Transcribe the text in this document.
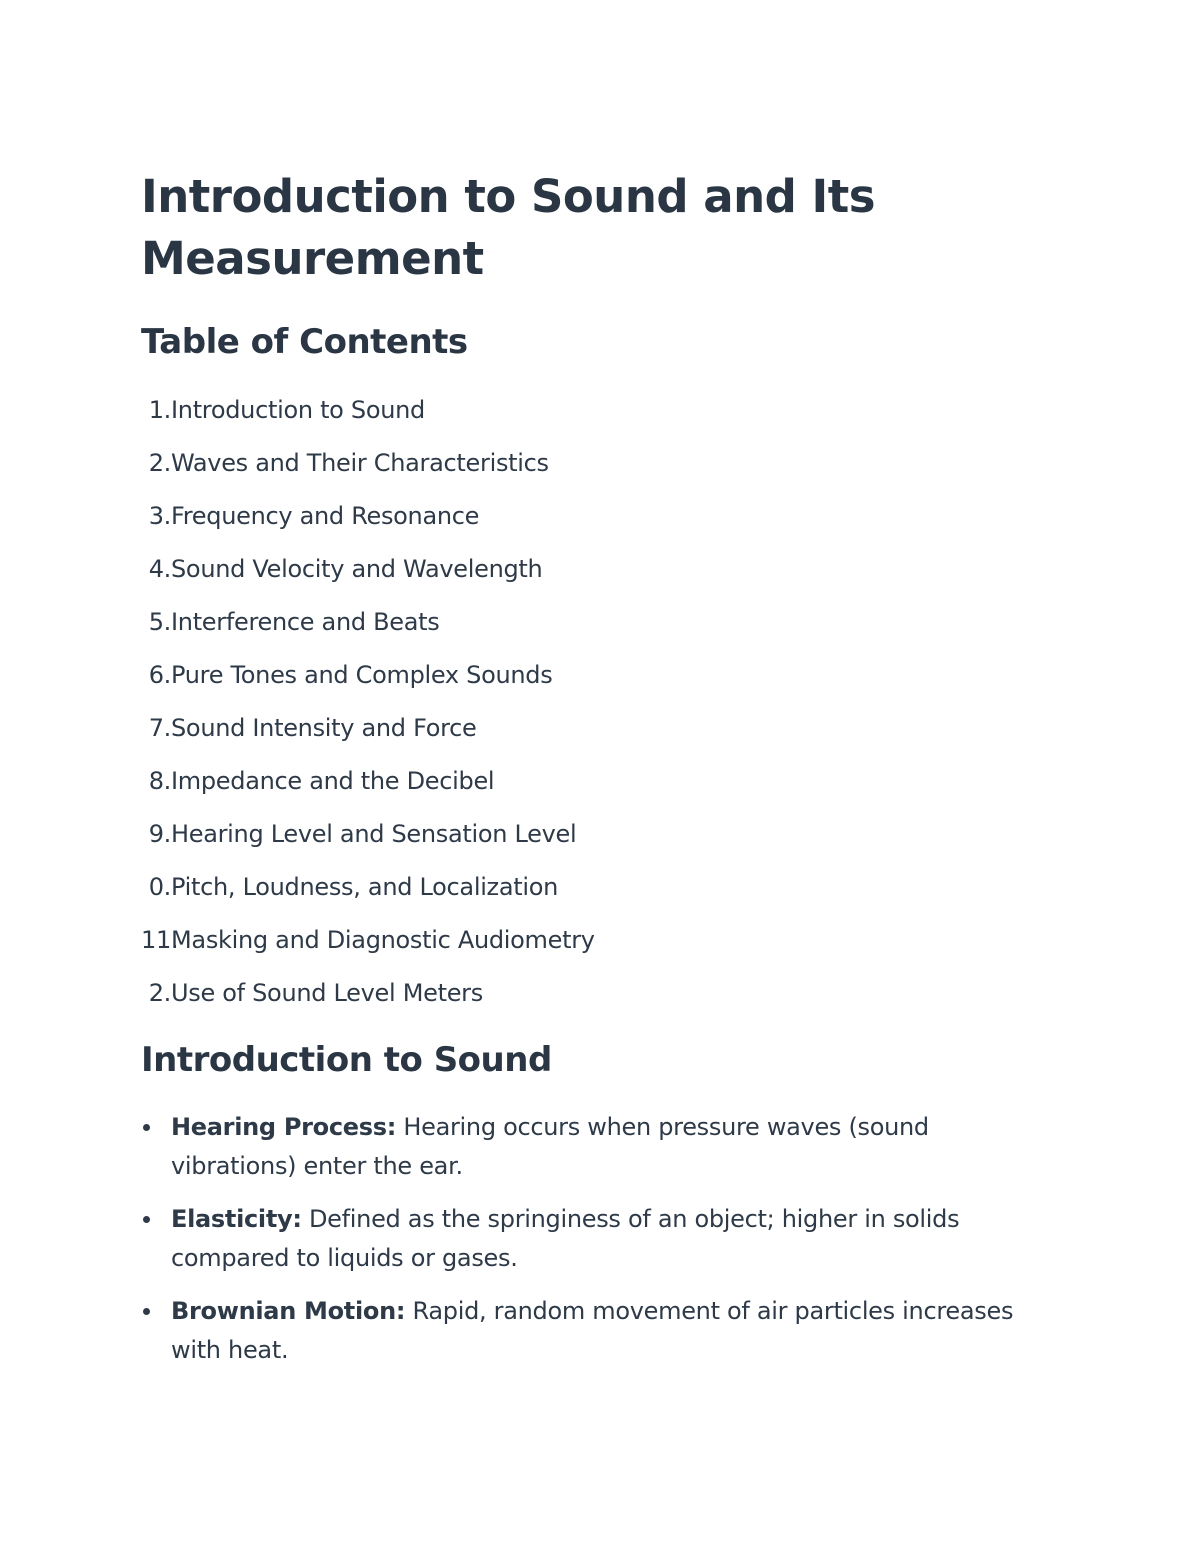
Introduction to Sound and Its Measurement
Table of Contents
1. Introduction to Sound
2. Waves and Their Characteristics
3. Frequency and Resonance
4. Sound Velocity and Wavelength
5. Interference and Beats
6. Pure Tones and Complex Sounds
7. Sound Intensity and Force
8. Impedance and the Decibel
9. Hearing Level and Sensation Level
0. Pitch, Loudness, and Localization
11.
Masking and Diagnostic Audiometry
2. Use of Sound Level Meters
Introduction to Sound
Hearing Process: Hearing occurs when pressure waves (sound vibrations) enter the ear.
Elasticity: Defined as the springiness of an object; higher in solids compared to liquids or gases.
Brownian Motion: Rapid, random movement of air particles increases with heat.
